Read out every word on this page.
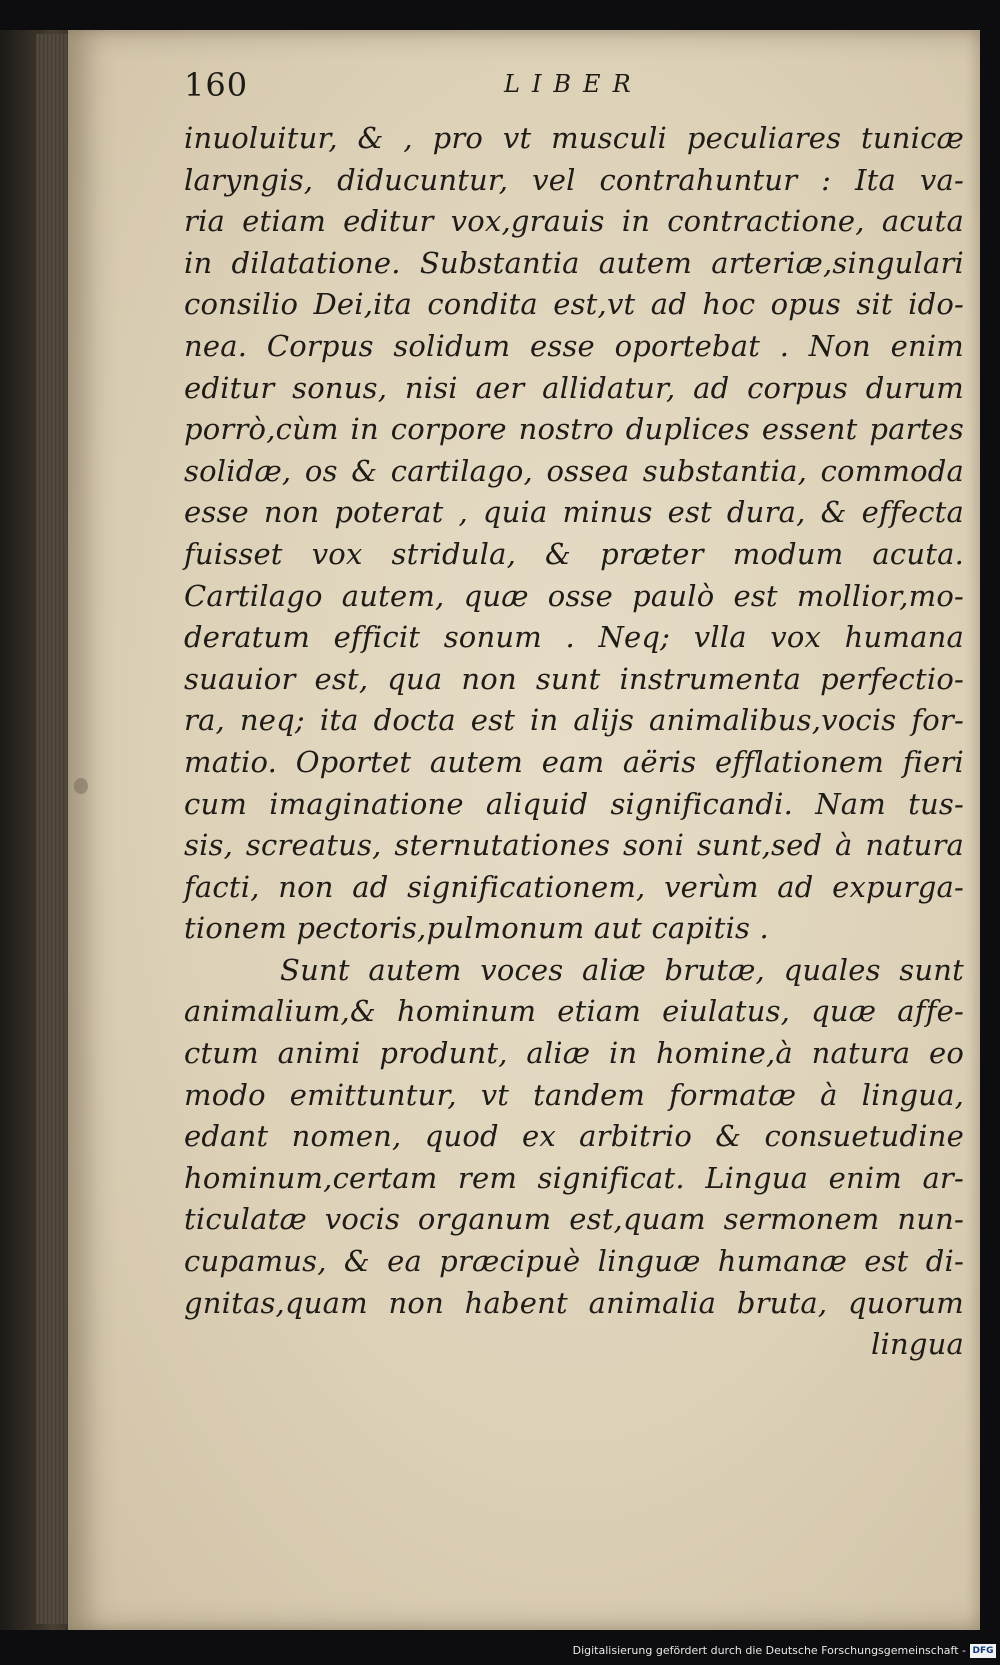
160	LIBER
inuoluitur, & , pro vt musculi peculiares tunicæ
laryngis, diducuntur, vel contrahuntur : Ita va-
ria etiam editur vox,grauis in contractione, acuta
in dilatatione. Substantia autem arteriæ,singulari
consilio Dei,ita condita est,vt ad hoc opus sit ido-
nea. Corpus solidum esse oportebat . Non enim
editur sonus, nisi aer allidatur, ad corpus durum
porrò,cùm in corpore nostro duplices essent partes
solidæ, os & cartilago, ossea substantia, commoda
esse non poterat , quia minus est dura, & effecta
fuisset vox stridula, & præter modum acuta.
Cartilago autem, quæ osse paulò est mollior,mo-
deratum efficit sonum . Neq; vlla vox humana
suauior est, qua non sunt instrumenta perfectio-
ra, neq; ita docta est in alijs animalibus,vocis for-
matio. Oportet autem eam aëris efflationem fieri
cum imaginatione aliquid significandi. Nam tus-
sis, screatus, sternutationes soni sunt,sed à natura
facti, non ad significationem, verùm ad expurga-
tionem pectoris,pulmonum aut capitis .
Sunt autem voces aliæ brutæ, quales sunt
animalium,& hominum etiam eiulatus, quæ affe-
ctum animi produnt, aliæ in homine,à natura eo
modo emittuntur, vt tandem formatæ à lingua,
edant nomen, quod ex arbitrio & consuetudine
hominum,certam rem significat. Lingua enim ar-
ticulatæ vocis organum est,quam sermonem nun-
cupamus, & ea præcipuè linguæ humanæ est di-
gnitas,quam non habent animalia bruta, quorum
lingua
Digitalisierung gefördert durch die Deutsche Forschungsgemeinschaft - DFG
